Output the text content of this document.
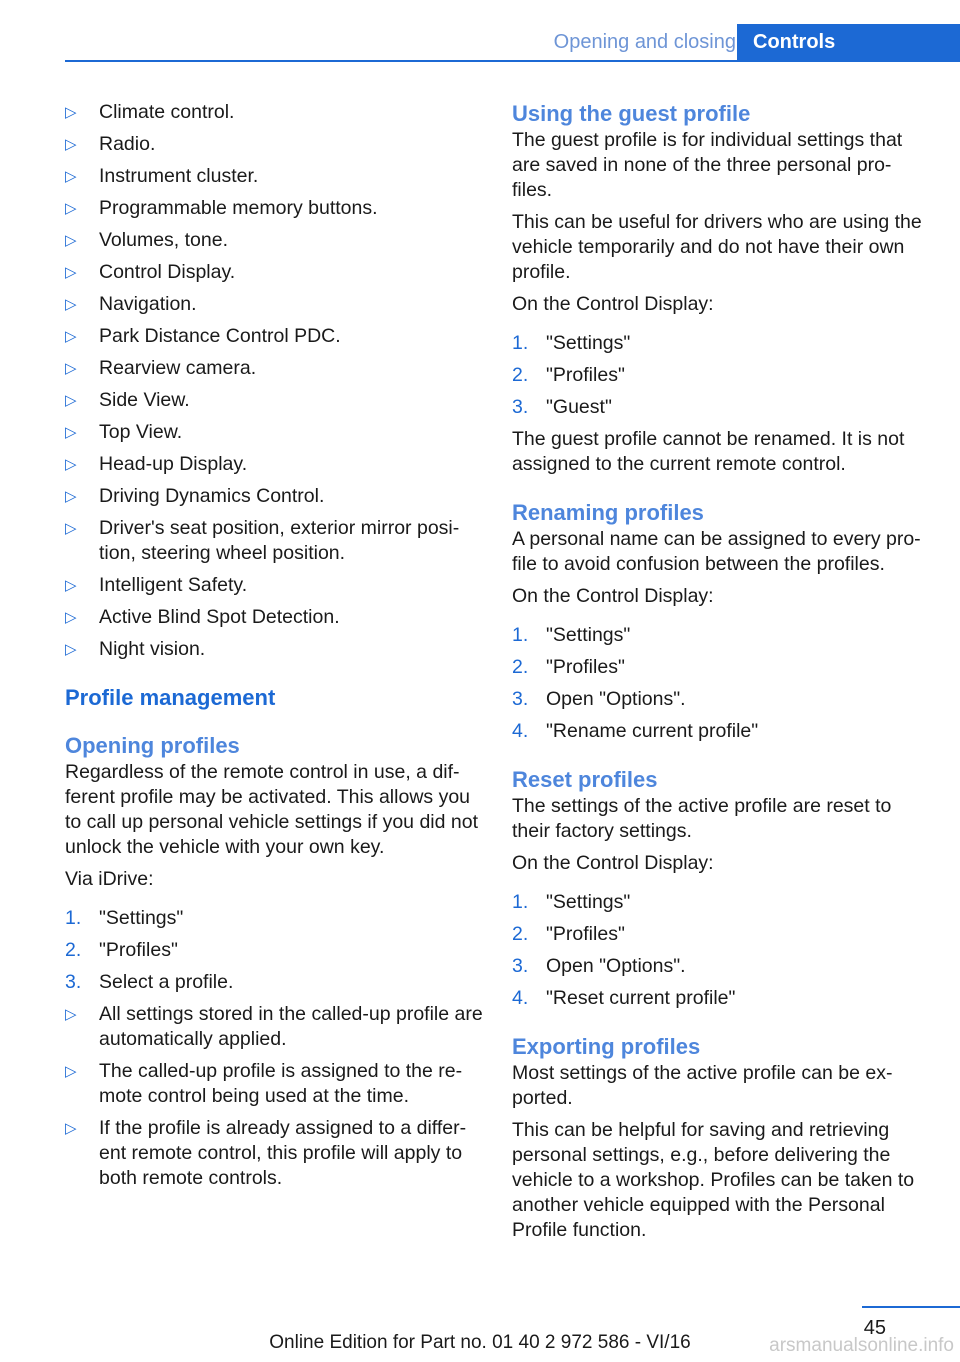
Opening and closing Controls
▷ Climate control.
▷ Radio.
▷ Instrument cluster.
▷ Programmable memory buttons.
▷ Volumes, tone.
▷ Control Display.
▷ Navigation.
▷ Park Distance Control PDC.
▷ Rearview camera.
▷ Side View.
▷ Top View.
▷ Head-up Display.
▷ Driving Dynamics Control.
▷ Driver's seat position, exterior mirror posi‐ tion, steering wheel position.
▷ Intelligent Safety.
▷ Active Blind Spot Detection.
▷ Night vision.
Profile management
Opening profiles

Regardless of the remote control in use, a dif‐ ferent profile may be activated. This allows you to call up personal vehicle settings if you did not unlock the vehicle with your own key.

Via iDrive:

1. "Settings"
2. "Profiles"
3. Select a profile.
▷ All settings stored in the called-up profile are automatically applied.
▷ The called-up profile is assigned to the re‐ mote control being used at the time.
▷ If the profile is already assigned to a differ‐ ent remote control, this profile will apply to both remote controls.
Using the guest profile

The guest profile is for individual settings that are saved in none of the three personal pro‐ files.

This can be useful for drivers who are using the vehicle temporarily and do not have their own profile.

On the Control Display:

1. "Settings"
2. "Profiles"
3. "Guest"

The guest profile cannot be renamed. It is not assigned to the current remote control.

Renaming profiles

A personal name can be assigned to every pro‐ file to avoid confusion between the profiles.

On the Control Display:

1. "Settings"
2. "Profiles"
3. Open "Options".
4. "Rename current profile"
Reset profiles

The settings of the active profile are reset to their factory settings.

On the Control Display:

1. "Settings"
2. "Profiles"
3. Open "Options".
4. "Reset current profile"
Exporting profiles

Most settings of the active profile can be ex‐ ported.

This can be helpful for saving and retrieving personal settings, e.g., before delivering the vehicle to a workshop. Profiles can be taken to another vehicle equipped with the Personal Profile function.

45
Online Edition for Part no. 01 40 2 972 586 - VI/16	arsmanualsonline.info
